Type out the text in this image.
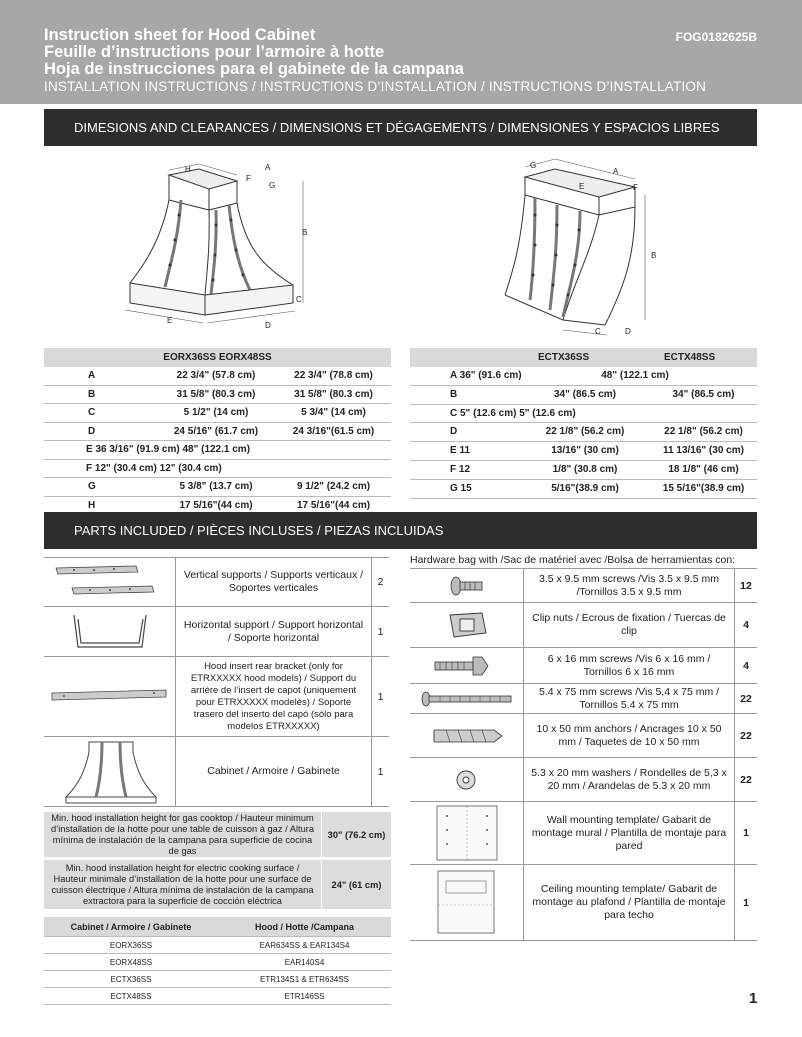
Instruction sheet for Hood Cabinet
Feuille d’instructions pour l’armoire à hotte
Hoja de instrucciones para el gabinete de la campana
FOG0182625B
INSTALLATION INSTRUCTIONS / INSTRUCTIONS D’INSTALLATION / INSTRUCTIONS D’INSTALLATION
DIMESIONS AND CLEARANCES / DIMENSIONS ET DÉGAGEMENTS / DIMENSIONES Y ESPACIOS LIBRES
H	A
F
G
B
C
E
D
G
A
E	F
B
C	D
EORX36SS EORX48SS
A	22 3/4" (57.8 cm)	22 3/4" (78.8 cm)
B	31 5/8" (80.3 cm)	31 5/8" (80.3 cm)
C	5 1/2" (14 cm)	5 3/4" (14 cm)
D	24 5/16" (61.7 cm)	24 3/16"(61.5 cm)
E 36 3/16" (91.9 cm) 48" (122.1 cm)
F 12" (30.4 cm) 12" (30.4 cm)
G	5 3/8" (13.7 cm)	9 1/2" (24.2 cm)
H	17 5/16"(44 cm)	17 5/16"(44 cm)
ECTX36SS	ECTX48SS
A 36" (91.6 cm)	48" (122.1 cm)
B	34" (86.5 cm)	34" (86.5 cm)
C 5" (12.6 cm) 5" (12.6 cm)
D	22 1/8" (56.2 cm)	22 1/8" (56.2 cm)
E 11	13/16" (30 cm)	11 13/16" (30 cm)
F 12	1/8" (30.8 cm)	18 1/8" (46 cm)
G 15	5/16"(38.9 cm)	15 5/16"(38.9 cm)
PARTS INCLUDED / PIÈCES INCLUSES / PIEZAS INCLUIDAS
Vertical supports / Supports verticaux / Soportes verticales	2
Horizontal support / Support horizontal / Soporte horizontal	1
Hood insert rear bracket (only for ETRXXXXX hood models) / Support du arrière de l’insert de capot (uniquement pour ETRXXXXX modelès) / Soporte trasero del inserto del capó (sólo para modelos ETRXXXXX)
1
Cabinet / Armoire / Gabinete	1
Min. hood installation height for gas cooktop / Hauteur minimum d’installation de la hotte pour une table de cuisson à gaz / Altura mínima de instalación de la campana para superficie de cocina de gas
30" (76.2 cm)
Min. hood installation height for electric cooking surface / Hauteur minimale d’installation de la hotte pour une surface de cuisson électrique / Altura mínima de instalación de la campana extractora para la superficie de cocción eléctrica
24" (61 cm)
Cabinet / Armoire / Gabinete	Hood / Hotte /Campana
EORX36SS	EAR634SS & EAR134S4
EORX48SS	EAR140S4
ECTX36SS	ETR134S1 & ETR634SS
ECTX48SS	ETR146SS
Hardware bag with /Sac de matériel avec /Bolsa de herramientas con:
3.5 x 9.5 mm screws /Vis 3.5 x 9.5 mm /Tornillos 3.5 x 9.5 mm	12
Clip nuts / Ecrous de fixation / Tuercas de clip	4
6 x 16 mm screws /Vis 6 x 16 mm / Tornillos 6 x 16 mm	4
5.4 x 75 mm screws /Vis 5,4 x 75 mm / Tornillos 5.4 x 75 mm	22
10 x 50 mm anchors / Ancrages 10 x 50 mm / Taquetes de 10 x 50 mm	22
5.3 x 20 mm washers / Rondelles de 5,3 x 20 mm / Arandelas de 5.3 x 20 mm	22
Wall mounting template/ Gabarit de montage mural / Plantilla de montaje para pared
1
Ceiling mounting template/ Gabarit de montage au plafond / Plantilla de montaje para techo
1
1
